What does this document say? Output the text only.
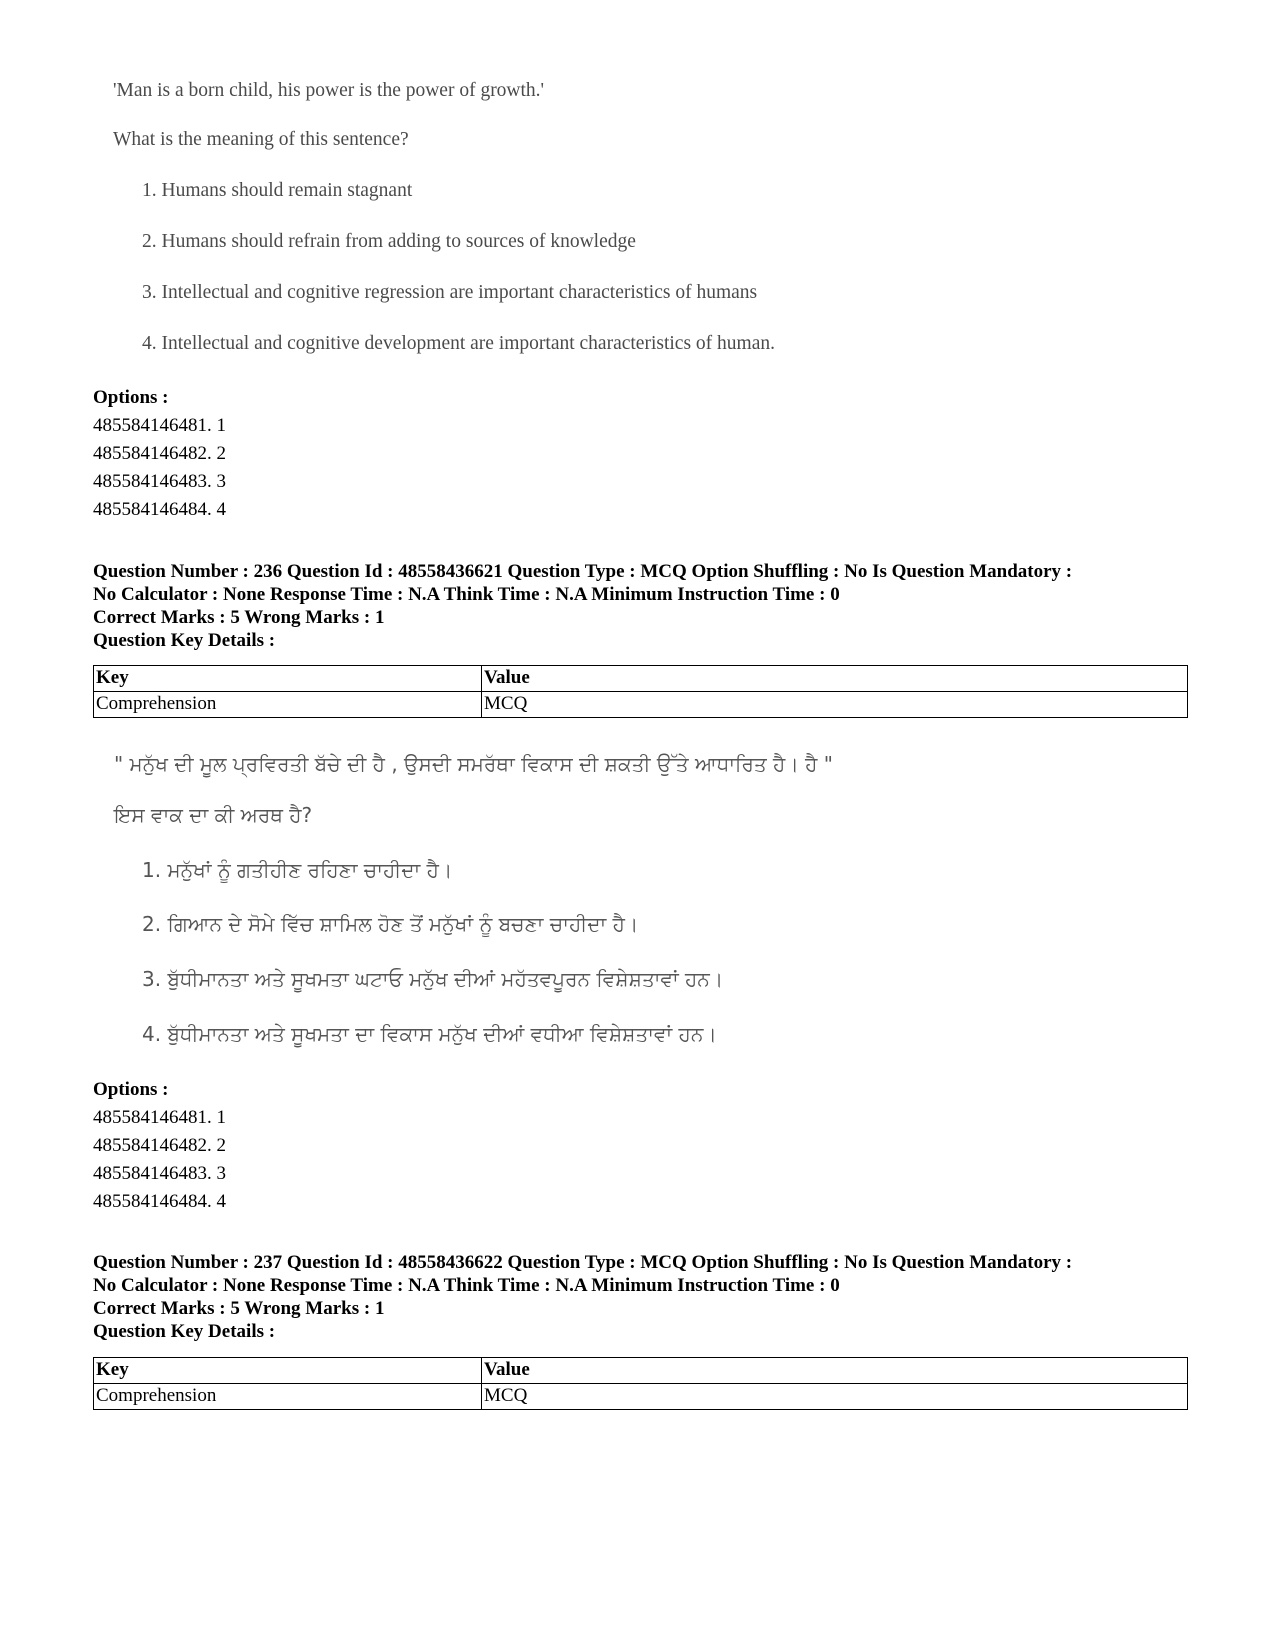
'Man is a born child, his power is the power of growth.'
What is the meaning of this sentence?
1. Humans should remain stagnant
2. Humans should refrain from adding to sources of knowledge
3. Intellectual and cognitive regression are important characteristics of humans
4. Intellectual and cognitive development are important characteristics of human.
Options :
485584146481. 1
485584146482. 2
485584146483. 3
485584146484. 4
Question Number : 236 Question Id : 48558436621 Question Type : MCQ Option Shuffling : No Is Question Mandatory :
No Calculator : None Response Time : N.A Think Time : N.A Minimum Instruction Time : 0
Correct Marks : 5 Wrong Marks : 1
Question Key Details :
Key	Value
Comprehension	MCQ
" ਮਨੁੱਖ ਦੀ ਮੂਲ ਪ੍ਰਵਿਰਤੀ ਬੱਚੇ ਦੀ ਹੈ , ਉਸਦੀ ਸਮਰੱਥਾ ਵਿਕਾਸ ਦੀ ਸ਼ਕਤੀ ਉੱਤੇ ਆਧਾਰਿਤ ਹੈ। ਹੈ "
ਇਸ ਵਾਕ ਦਾ ਕੀ ਅਰਥ ਹੈ?
1. ਮਨੁੱਖਾਂ ਨੂੰ ਗਤੀਹੀਣ ਰਹਿਣਾ ਚਾਹੀਦਾ ਹੈ।
2. ਗਿਆਨ ਦੇ ਸੋਮੇ ਵਿੱਚ ਸ਼ਾਮਿਲ ਹੋਣ ਤੋਂ ਮਨੁੱਖਾਂ ਨੂੰ ਬਚਣਾ ਚਾਹੀਦਾ ਹੈ।
3. ਬੁੱਧੀਮਾਨਤਾ ਅਤੇ ਸੂਖਮਤਾ ਘਟਾਓ ਮਨੁੱਖ ਦੀਆਂ ਮਹੱਤਵਪੂਰਨ ਵਿਸ਼ੇਸ਼ਤਾਵਾਂ ਹਨ।
4. ਬੁੱਧੀਮਾਨਤਾ ਅਤੇ ਸੂਖਮਤਾ ਦਾ ਵਿਕਾਸ ਮਨੁੱਖ ਦੀਆਂ ਵਧੀਆ ਵਿਸ਼ੇਸ਼ਤਾਵਾਂ ਹਨ।
Options :
485584146481. 1
485584146482. 2
485584146483. 3
485584146484. 4
Question Number : 237 Question Id : 48558436622 Question Type : MCQ Option Shuffling : No Is Question Mandatory :
No Calculator : None Response Time : N.A Think Time : N.A Minimum Instruction Time : 0
Correct Marks : 5 Wrong Marks : 1
Question Key Details :
Key	Value
Comprehension	MCQ
